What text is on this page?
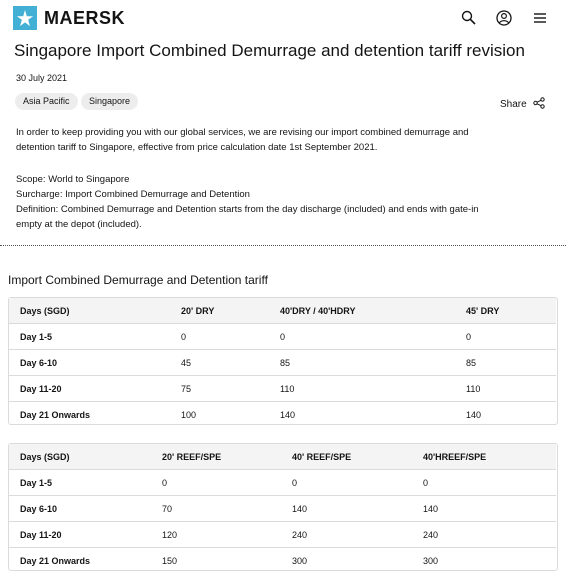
MAERSK
Singapore Import Combined Demurrage and detention tariff revision
30 July 2021
Asia Pacific	Singapore	Share
In order to keep providing you with our global services, we are revising our import combined demurrage and
detention tariff to Singapore, effective from price calculation date 1st September 2021.
Scope: World to Singapore
Surcharge: Import Combined Demurrage and Detention
Definition: Combined Demurrage and Detention starts from the day discharge (included) and ends with gate-in
empty at the depot (included).
Import Combined Demurrage and Detention tariff
Days (SGD)	20' DRY	40'DRY / 40'HDRY	45' DRY
Day 1-5	0	0	0
Day 6-10	45	85	85
Day 11-20	75	110	110
Day 21 Onwards	100	140	140
Days (SGD)	20' REEF/SPE	40' REEF/SPE	40'HREEF/SPE
Day 1-5	0	0	0
Day 6-10	70	140	140
Day 11-20	120	240	240
Day 21 Onwards	150	300	300
